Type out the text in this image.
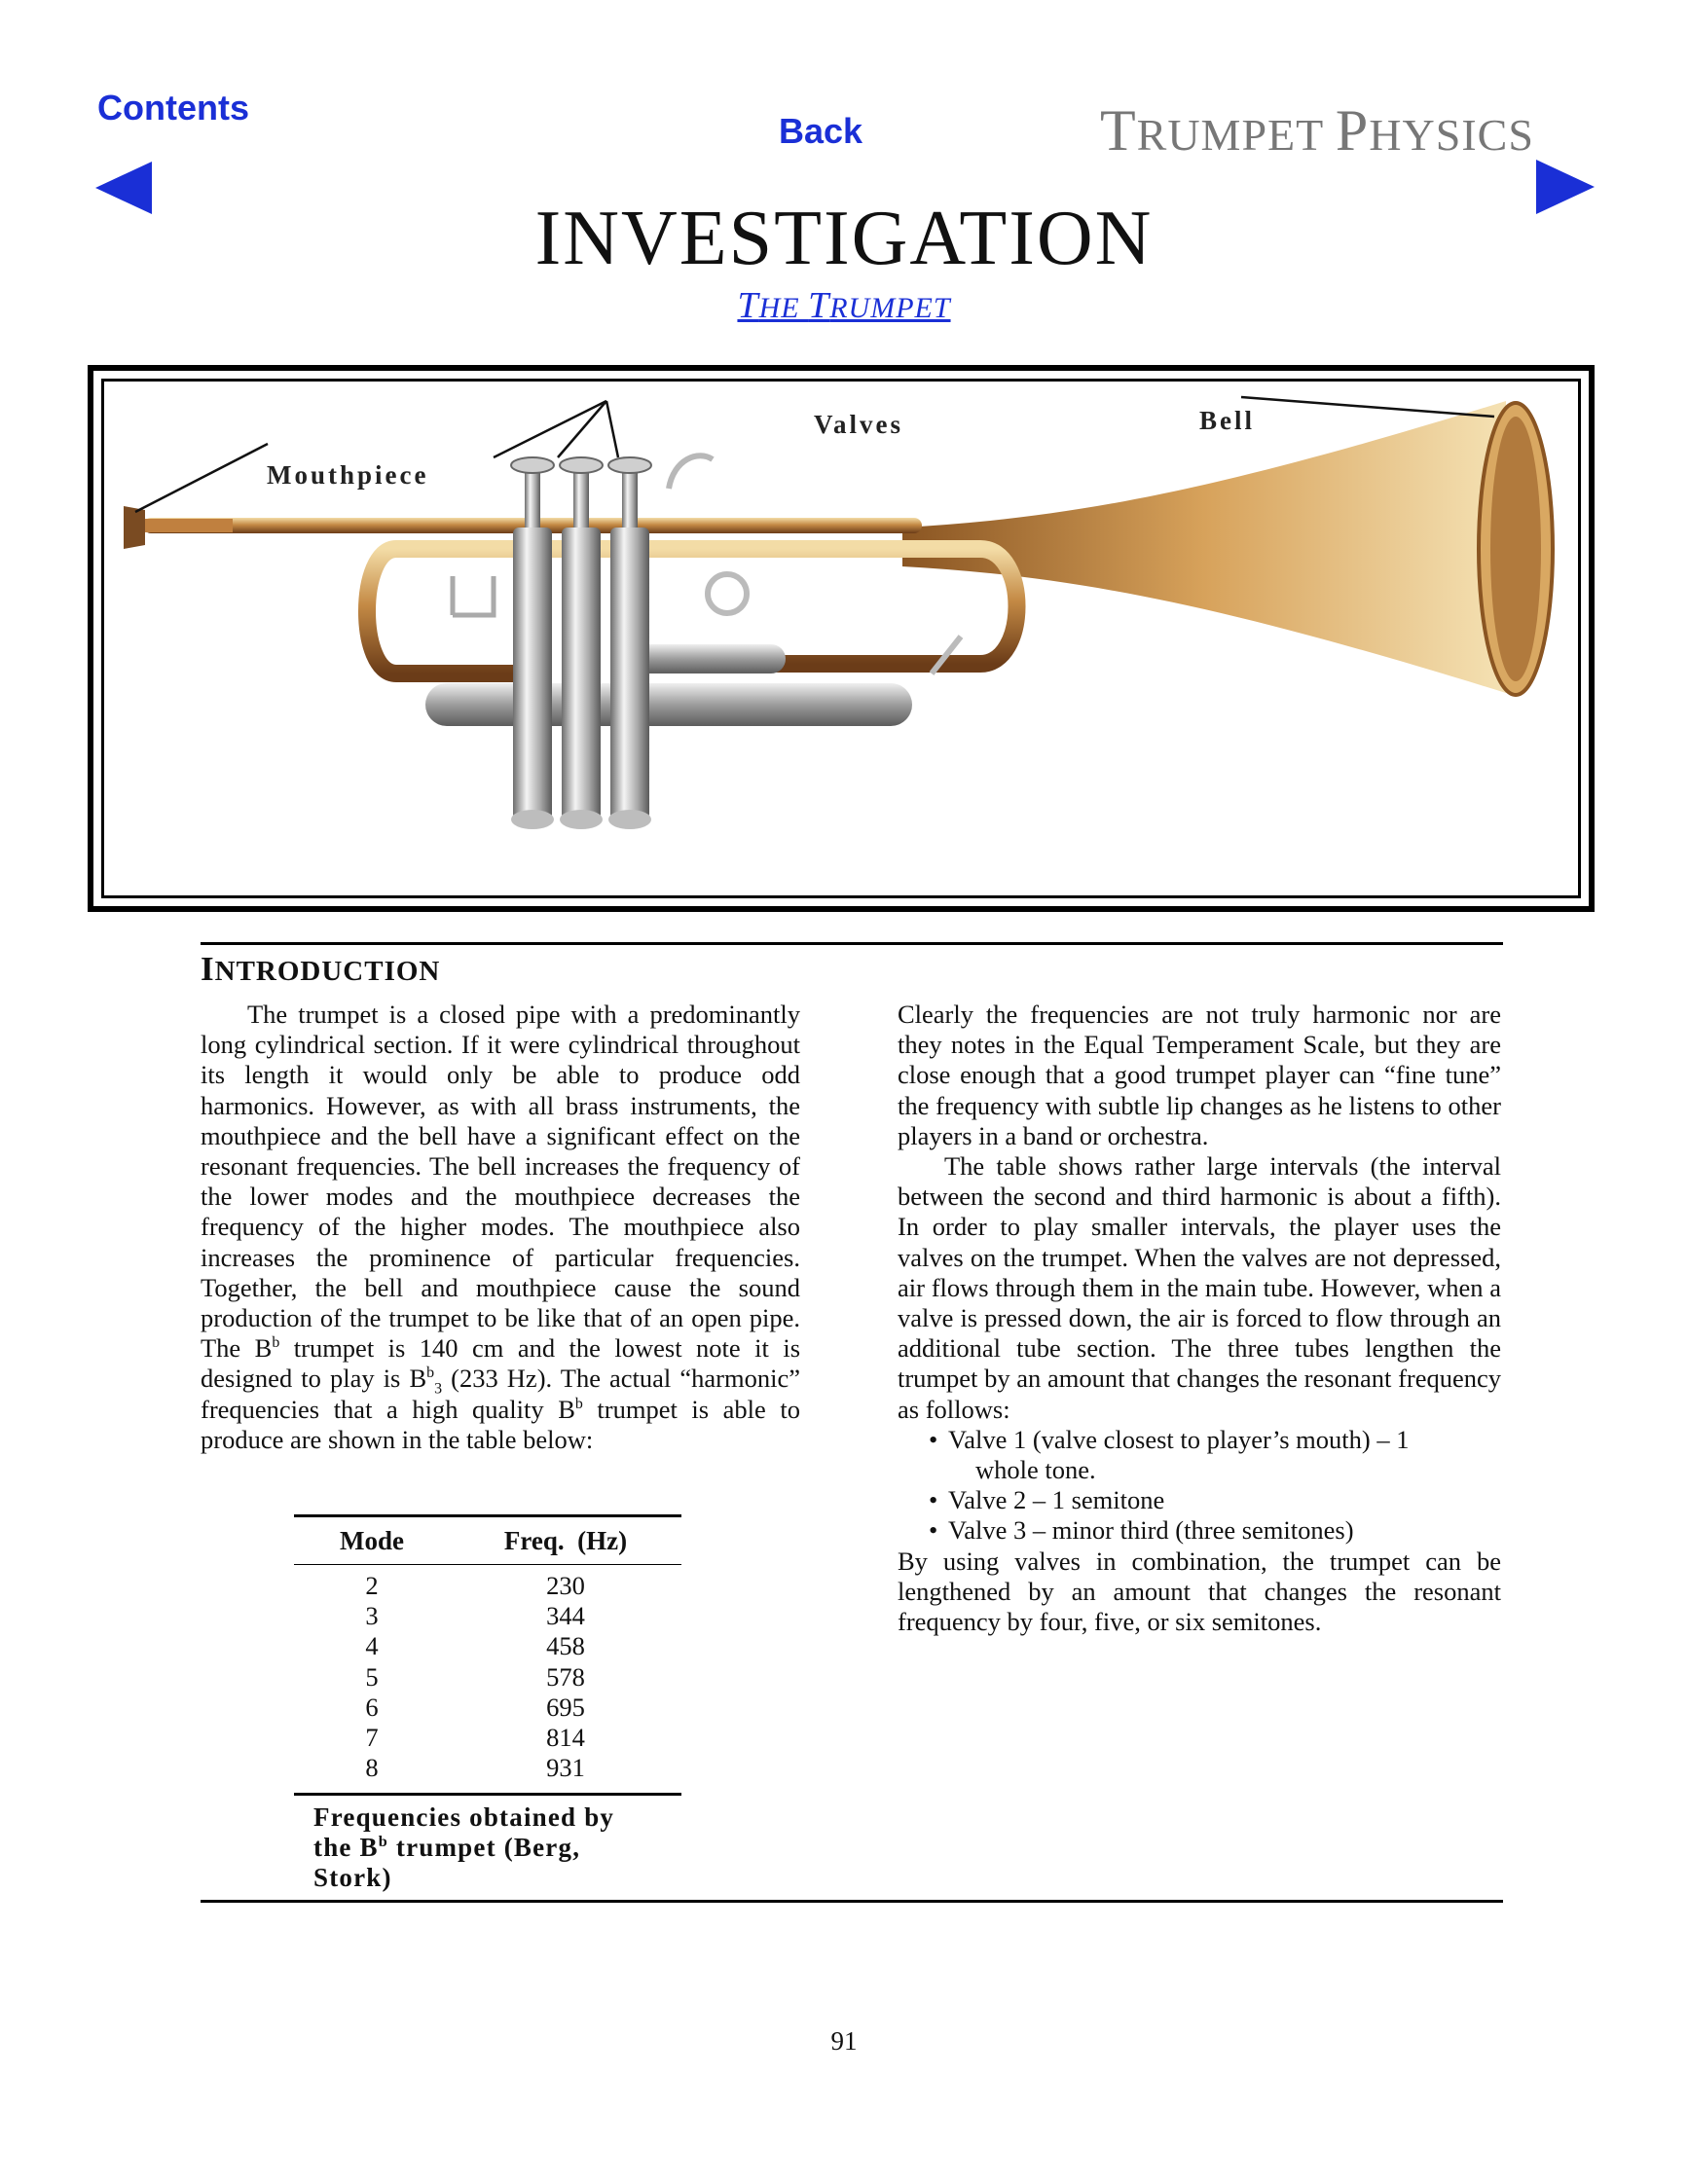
Contents
Back	TRUMPET PHYSICS
INVESTIGATION
THE TRUMPET
Valves	Bell
Mouthpiece
INTRODUCTION

The trumpet is a closed pipe with a predominantly long cylindrical section. If it were cylindrical throughout its length it would only be able to produce odd harmonics. However, as with all brass instruments, the mouthpiece and the bell have a significant effect on the resonant frequencies. The bell increases the frequency of the lower modes and the mouthpiece decreases the frequency of the higher modes. The mouthpiece also increases the prominence of particular frequencies. Together, the bell and mouthpiece cause the sound production of the trumpet to be like that of an open pipe. The $B^b$ trumpet is 140 cm and the lowest note it is designed to play is $B^b_3$ (233 Hz). The actual “harmonic” frequencies that a high quality $B^b$ trumpet is able to produce are shown in the table below:

Mode	Freq.  (Hz)
2	230
3	344
4	458
5	578
6	695
7	814
8	931
Frequencies obtained by the $B^b$ trumpet (Berg, Stork)

Clearly the frequencies are not truly harmonic nor are they notes in the Equal Temperament Scale, but they are close enough that a good trumpet player can “fine tune” the frequency with subtle lip changes as he listens to other players in a band or orchestra.

The table shows rather large intervals (the interval between the second and third harmonic is about a fifth). In order to play smaller intervals, the player uses the valves on the trumpet. When the valves are not depressed, air flows through them in the main tube. However, when a valve is pressed down, the air is forced to flow through an additional tube section. The three tubes lengthen the trumpet by an amount that changes the resonant frequency as follows:

• Valve 1 (valve closest to player’s mouth) – 1
whole tone.
• Valve 2 – 1 semitone
• Valve 3 – minor third (three semitones)

By using valves in combination, the trumpet can be lengthened by an amount that changes the resonant frequency by four, five, or six semitones.

91
